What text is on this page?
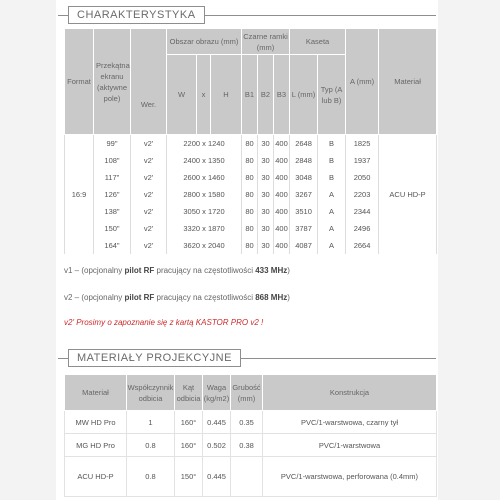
CHARAKTERYSTYKA
Format	Przekątna ekranu (aktywne pole)	Wer.	Obszar obrazu (mm)			Czarne ramki (mm)			Kaseta		A (mm)	Materiał
			W	x	H	B1	B2	B3	L (mm)	Typ (A lub B)		

16:9	99"	v2'	2200 x 1240			80	30	400	2648	B	1825	ACU HD-P
	108"	v2'	2400 x 1350			80	30	400	2848	B	1937	
	117"	v2'	2600 x 1460			80	30	400	3048	B	2050	
	126"	v2'	2800 x 1580			80	30	400	3267	A	2203	
	138"	v2'	3050 x 1720			80	30	400	3510	A	2344	
	150"	v2'	3320 x 1870			80	30	400	3787	A	2496	
	164"	v2'	3620 x 2040			80	30	400	4087	A	2664	

v1 – (opcjonalny pilot RF pracujący na częstotliwości 433 MHz)

v2 – (opcjonalny pilot RF pracujący na częstotliwości 868 MHz)

v2' Prosimy o zapoznanie się z kartą KASTOR PRO v2 !

MATERIAŁY PROJEKCYJNE
Materiał	Współczynnik odbicia	Kąt odbicia	Waga (kg/m2)	Grubość (mm)	Konstrukcja
MW HD Pro	1	160°	0.445	0.35	PVC/1-warstwowa, czarny tył
MG HD Pro	0.8	160°	0.502	0.38	PVC/1-warstwowa
ACU HD-P	0.8	150°	0.445		PVC/1-warstwowa, perforowana (0.4mm)
